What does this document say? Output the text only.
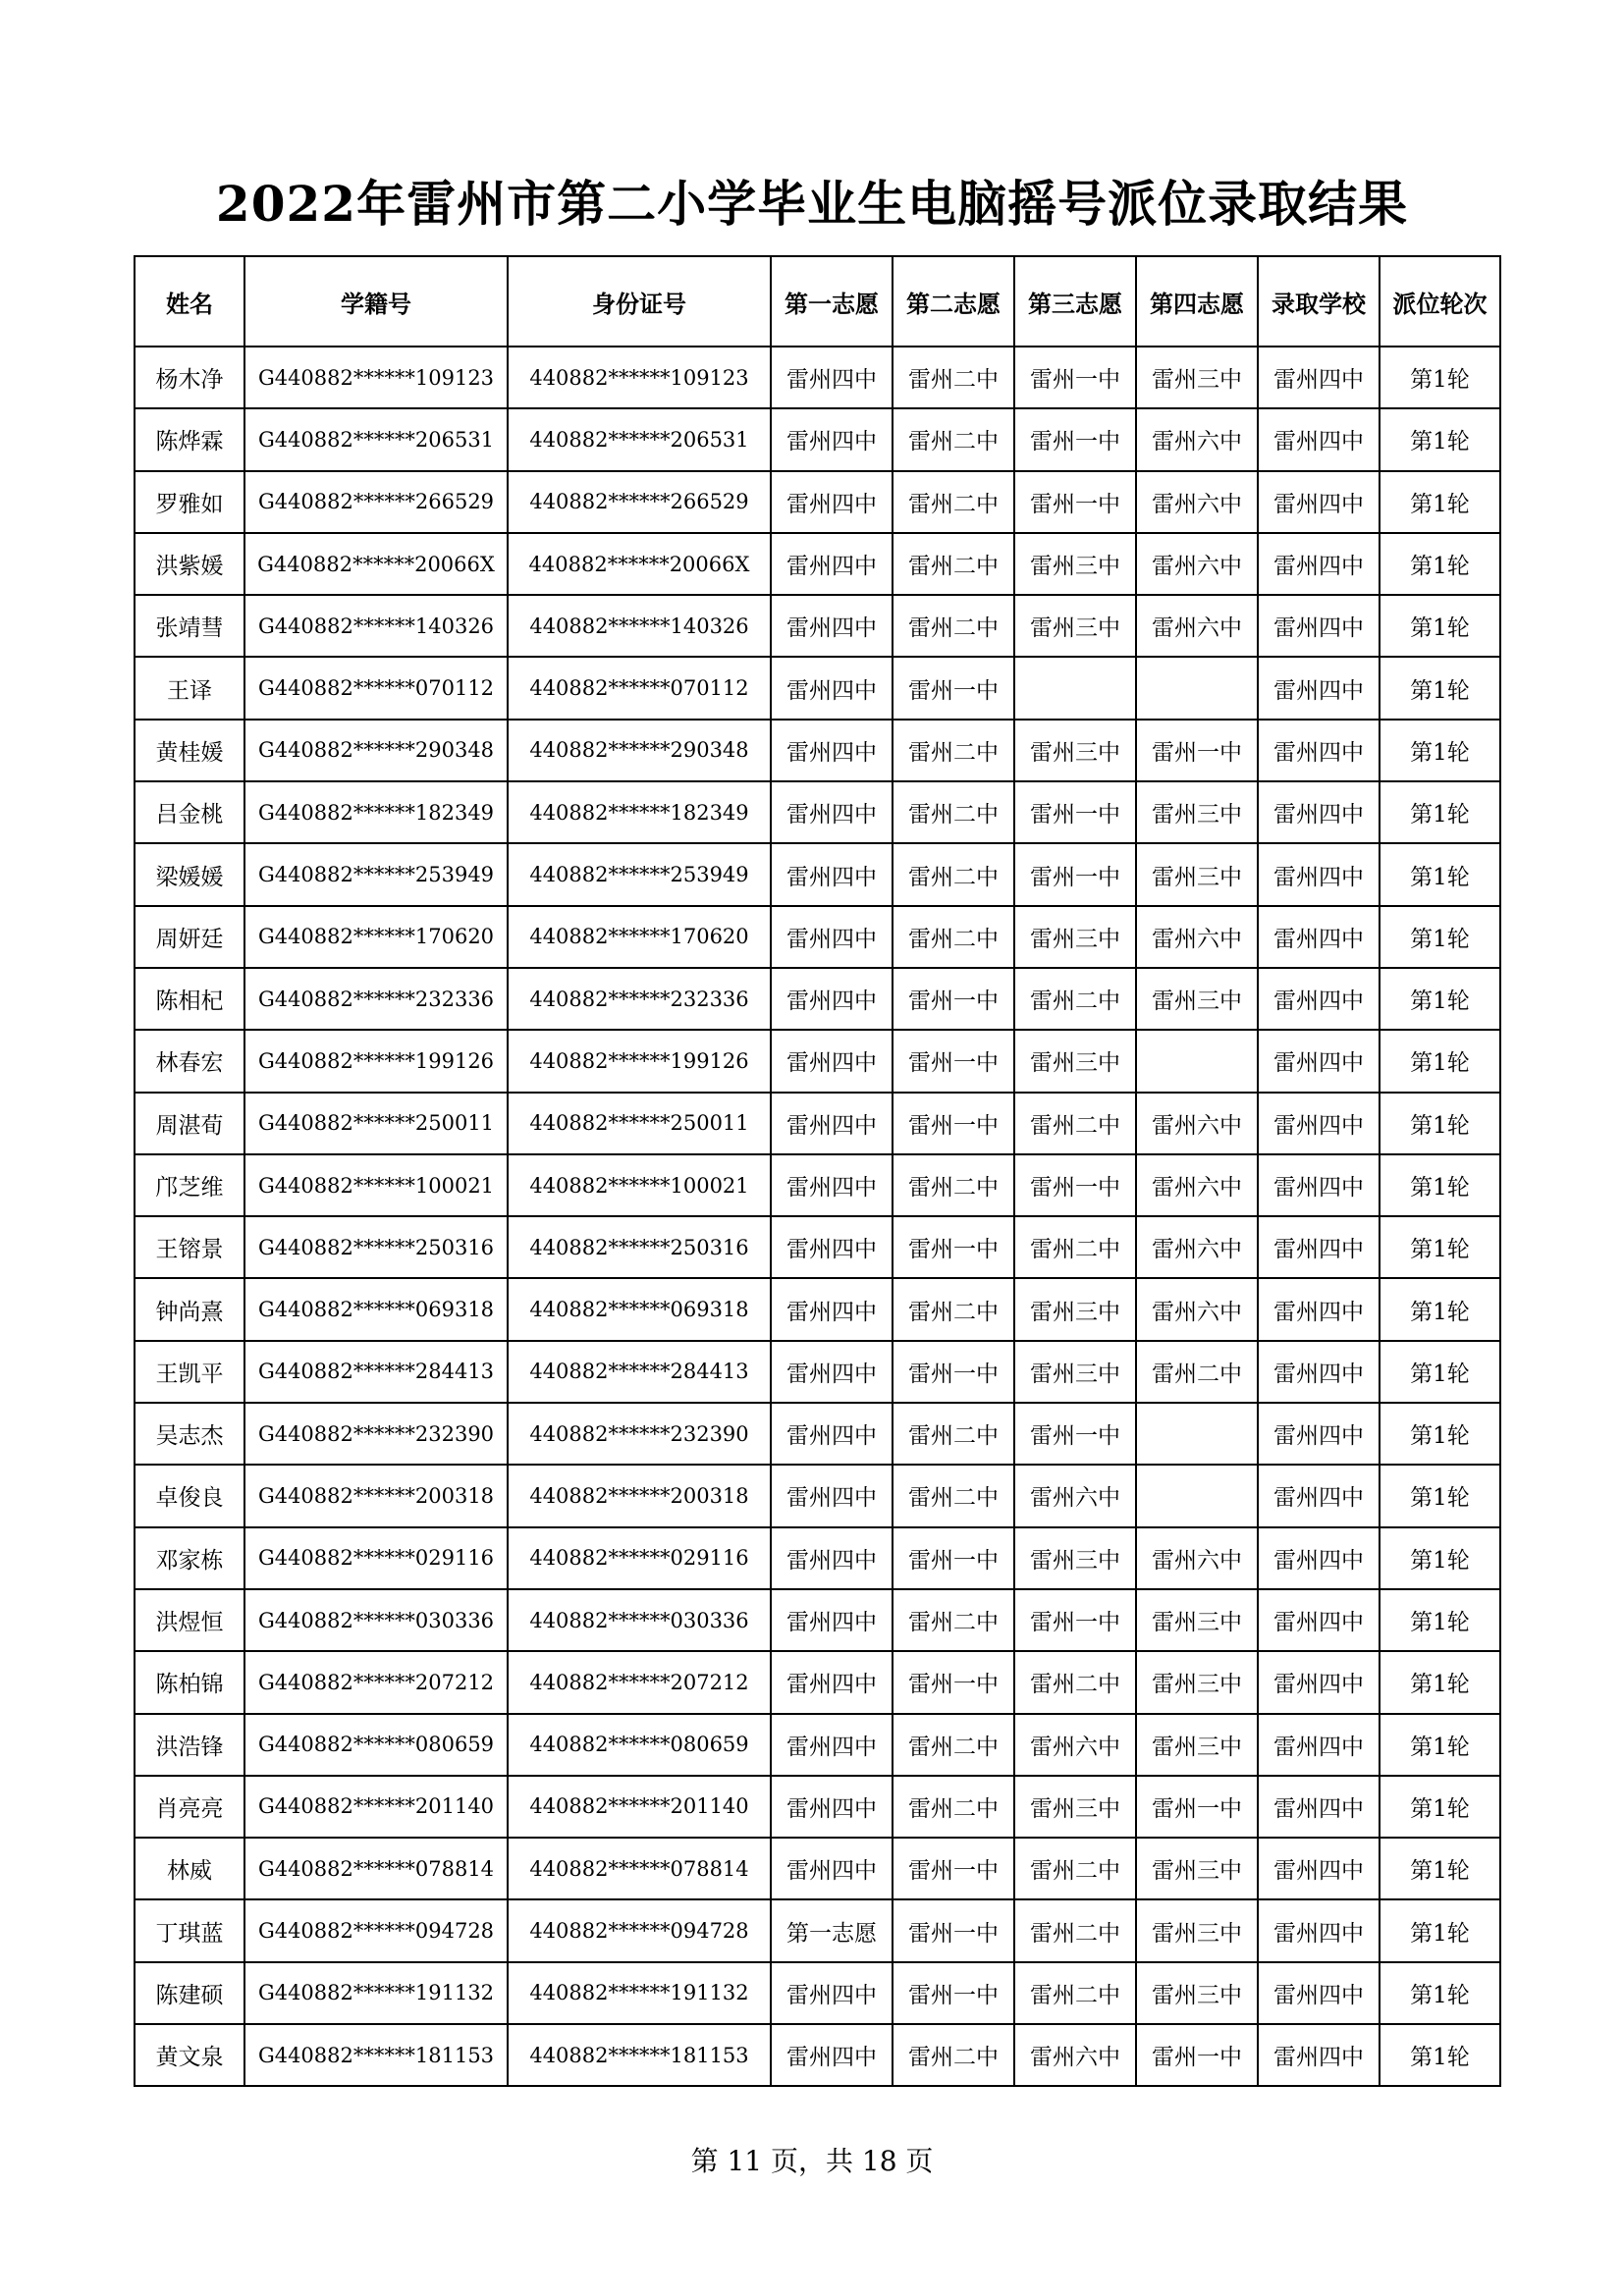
2022年雷州市第二小学毕业生电脑摇号派位录取结果
姓名	学籍号	身份证号	第一志愿	第二志愿	第三志愿	第四志愿	录取学校	派位轮次
杨木净	G440882******109123	440882******109123	雷州四中	雷州二中	雷州一中	雷州三中	雷州四中	第1轮
陈烨霖	G440882******206531	440882******206531	雷州四中	雷州二中	雷州一中	雷州六中	雷州四中	第1轮
罗雅如	G440882******266529	440882******266529	雷州四中	雷州二中	雷州一中	雷州六中	雷州四中	第1轮
洪紫媛	G440882******20066X	440882******20066X	雷州四中	雷州二中	雷州三中	雷州六中	雷州四中	第1轮
张靖彗	G440882******140326	440882******140326	雷州四中	雷州二中	雷州三中	雷州六中	雷州四中	第1轮
王译	G440882******070112	440882******070112	雷州四中	雷州一中			雷州四中	第1轮
黄桂媛	G440882******290348	440882******290348	雷州四中	雷州二中	雷州三中	雷州一中	雷州四中	第1轮
吕金桃	G440882******182349	440882******182349	雷州四中	雷州二中	雷州一中	雷州三中	雷州四中	第1轮
梁媛媛	G440882******253949	440882******253949	雷州四中	雷州二中	雷州一中	雷州三中	雷州四中	第1轮
周妍廷	G440882******170620	440882******170620	雷州四中	雷州二中	雷州三中	雷州六中	雷州四中	第1轮
陈相杞	G440882******232336	440882******232336	雷州四中	雷州一中	雷州二中	雷州三中	雷州四中	第1轮
林春宏	G440882******199126	440882******199126	雷州四中	雷州一中	雷州三中		雷州四中	第1轮
周湛荀	G440882******250011	440882******250011	雷州四中	雷州一中	雷州二中	雷州六中	雷州四中	第1轮
邝芝维	G440882******100021	440882******100021	雷州四中	雷州二中	雷州一中	雷州六中	雷州四中	第1轮
王镕景	G440882******250316	440882******250316	雷州四中	雷州一中	雷州二中	雷州六中	雷州四中	第1轮
钟尚熹	G440882******069318	440882******069318	雷州四中	雷州二中	雷州三中	雷州六中	雷州四中	第1轮
王凯平	G440882******284413	440882******284413	雷州四中	雷州一中	雷州三中	雷州二中	雷州四中	第1轮
吴志杰	G440882******232390	440882******232390	雷州四中	雷州二中	雷州一中		雷州四中	第1轮
卓俊良	G440882******200318	440882******200318	雷州四中	雷州二中	雷州六中		雷州四中	第1轮
邓家栋	G440882******029116	440882******029116	雷州四中	雷州一中	雷州三中	雷州六中	雷州四中	第1轮
洪煜恒	G440882******030336	440882******030336	雷州四中	雷州二中	雷州一中	雷州三中	雷州四中	第1轮
陈柏锦	G440882******207212	440882******207212	雷州四中	雷州一中	雷州二中	雷州三中	雷州四中	第1轮
洪浩锋	G440882******080659	440882******080659	雷州四中	雷州二中	雷州六中	雷州三中	雷州四中	第1轮
肖亮亮	G440882******201140	440882******201140	雷州四中	雷州二中	雷州三中	雷州一中	雷州四中	第1轮
林威	G440882******078814	440882******078814	雷州四中	雷州一中	雷州二中	雷州三中	雷州四中	第1轮
丁琪蓝	G440882******094728	440882******094728	第一志愿	雷州一中	雷州二中	雷州三中	雷州四中	第1轮
陈建硕	G440882******191132	440882******191132	雷州四中	雷州一中	雷州二中	雷州三中	雷州四中	第1轮
黄文泉	G440882******181153	440882******181153	雷州四中	雷州二中	雷州六中	雷州一中	雷州四中	第1轮

第 11 页，共 18 页
